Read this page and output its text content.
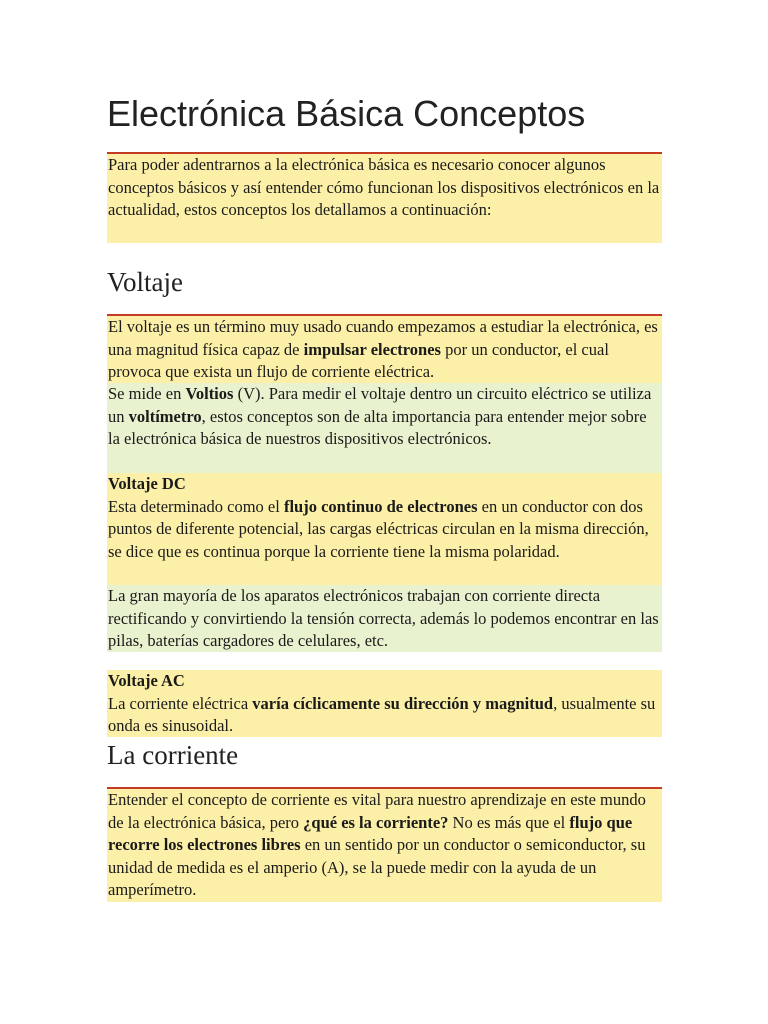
Electrónica Básica Conceptos

Para poder adentrarnos a la electrónica básica es necesario conocer algunos conceptos básicos y así entender cómo funcionan los dispositivos electrónicos en la actualidad, estos conceptos los detallamos a continuación:

Voltaje

El voltaje es un término muy usado cuando empezamos a estudiar la electrónica, es una magnitud física capaz de impulsar electrones por un conductor, el cual provoca que exista un flujo de corriente eléctrica.

Se mide en Voltios (V). Para medir el voltaje dentro un circuito eléctrico se utiliza un voltímetro, estos conceptos son de alta importancia para entender mejor sobre la electrónica básica de nuestros dispositivos electrónicos.

Voltaje DC

Esta determinado como el flujo continuo de electrones en un conductor con dos puntos de diferente potencial, las cargas eléctricas circulan en la misma dirección, se dice que es continua porque la corriente tiene la misma polaridad.

La gran mayoría de los aparatos electrónicos trabajan con corriente directa rectificando y convirtiendo la tensión correcta, además lo podemos encontrar en las pilas, baterías cargadores de celulares, etc.

Voltaje AC

La corriente eléctrica varía cíclicamente su dirección y magnitud, usualmente su onda es sinusoidal.

La corriente

Entender el concepto de corriente es vital para nuestro aprendizaje en este mundo de la electrónica básica, pero ¿qué es la corriente? No es más que el flujo que recorre los electrones libres en un sentido por un conductor o semiconductor, su unidad de medida es el amperio (A), se la puede medir con la ayuda de un amperímetro.
